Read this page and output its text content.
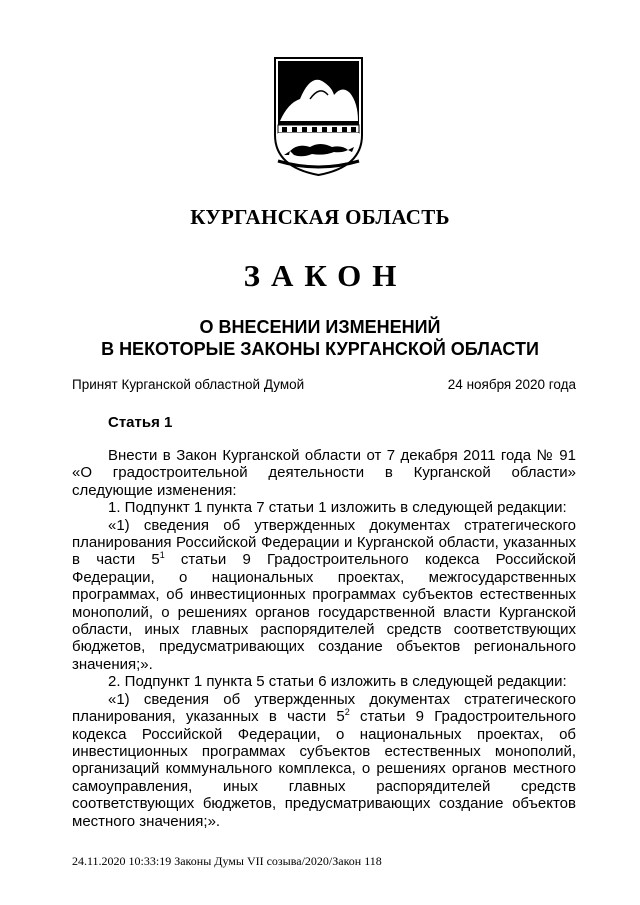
КУРГАНСКАЯ ОБЛАСТЬ
ЗАКОН
О ВНЕСЕНИИ ИЗМЕНЕНИЙ
В НЕКОТОРЫЕ ЗАКОНЫ КУРГАНСКОЙ ОБЛАСТИ
Принят Курганской областной Думой	24 ноября 2020 года
Статья 1

Внести в Закон Курганской области от 7 декабря 2011 года № 91 «О градостроительной деятельности в Курганской области» следующие изменения:

1. Подпункт 1 пункта 7 статьи 1 изложить в следующей редакции:

«1) сведения об утвержденных документах стратегического планирования Российской Федерации и Курганской области, указанных в части $5^1$ статьи 9 Градостроительного кодекса Российской Федерации, о национальных проектах, межгосударственных программах, об инвестиционных программах субъектов естественных монополий, о решениях органов государственной власти Курганской области, иных главных распорядителей средств соответствующих бюджетов, предусматривающих создание объектов регионального значения;».

2. Подпункт 1 пункта 5 статьи 6 изложить в следующей редакции:

«1) сведения об утвержденных документах стратегического планирования, указанных в части $5^2$ статьи 9 Градостроительного кодекса Российской Федерации, о национальных проектах, об инвестиционных программах субъектов естественных монополий, организаций коммунального комплекса, о решениях органов местного самоуправления, иных главных распорядителей средств соответствующих бюджетов, предусматривающих создание объектов местного значения;».

24.11.2020 10:33:19 Законы Думы VII созыва/2020/Закон 118
